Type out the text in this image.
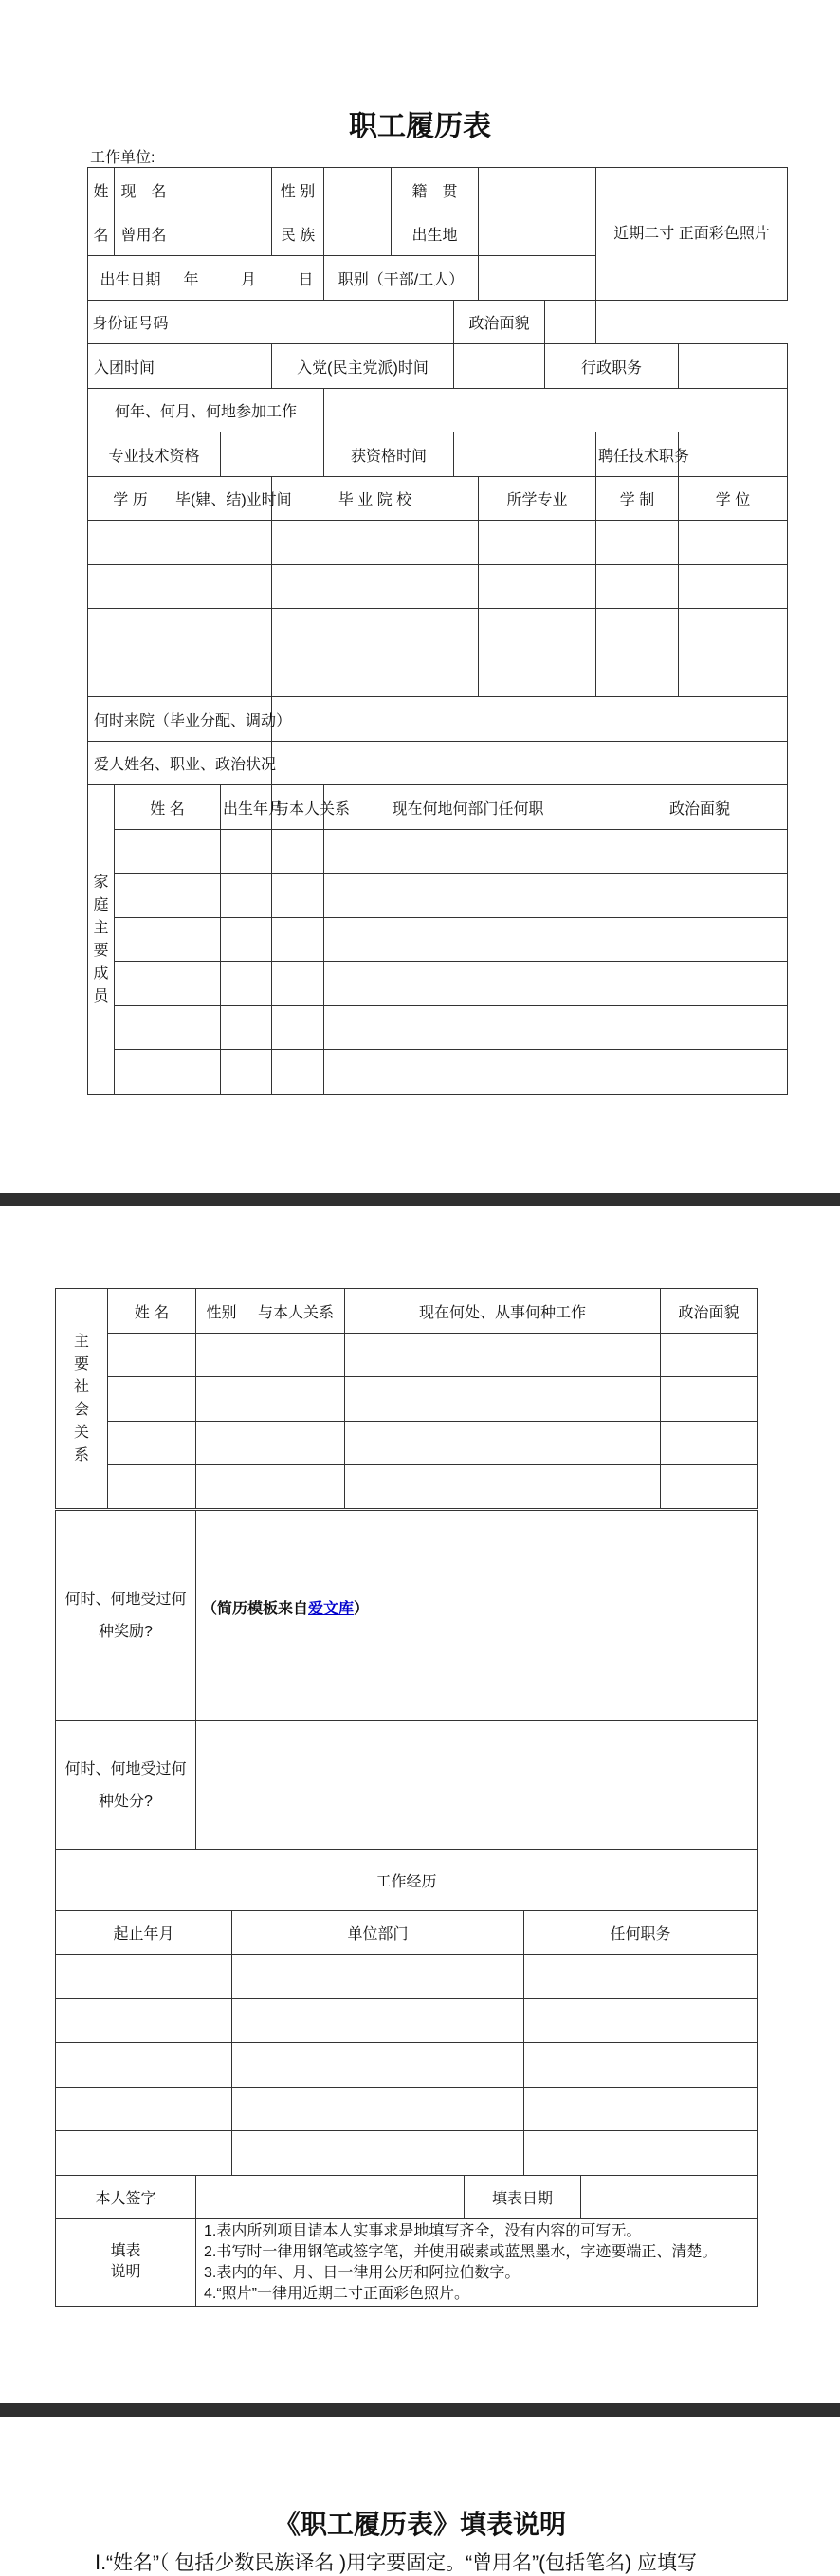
职工履历表
工作单位:
姓	现　名			性 别		籍　贯				近期二寸 正面彩色照片		
名	曾用名			民 族		出生地						
出生日期		年 月 日			职别（干部/工人）							
身份证号码							政治面貌					
入团时间				入党(民主党派)时间					行政职务			
何年、何月、何地参加工作												
专业技术资格					获资格时间					聘任技术职务		
学 历		毕(肄、结)业时间		毕 业 院 校				所学专业		学 制		学 位

何时来院（毕业分配、调动）												
爱人姓名、职业、政治状况												
家庭主要成员	姓 名		出生年月	与本人关系	现在何地何部门任何职						政治面貌	

主要社会关系	姓 名	性别	与本人关系	现在何处、从事何种工作	政治面貌

何时、何地受过何种奖励?	（简历模板来自爱文库）				
何时、何地受过何种处分?					
工作经历					
起止年月		单位部门		任何职务	

本人签字			填表日期		
填表说明	1.表内所列项目请本人实事求是地填写齐全，没有内容的可写无。
2.书写时一律用钢笔或签字笔，并使用碳素或蓝黑墨水，字迹要端正、清楚。
3.表内的年、月、日一律用公历和阿拉伯数字。
4.“照片”一律用近期二寸正面彩色照片。				
《职工履历表》填表说明
Ⅰ.“姓名”（ 包括少数民族译名 )用字要固定。“曾用名”(包括笔名) 应填写
